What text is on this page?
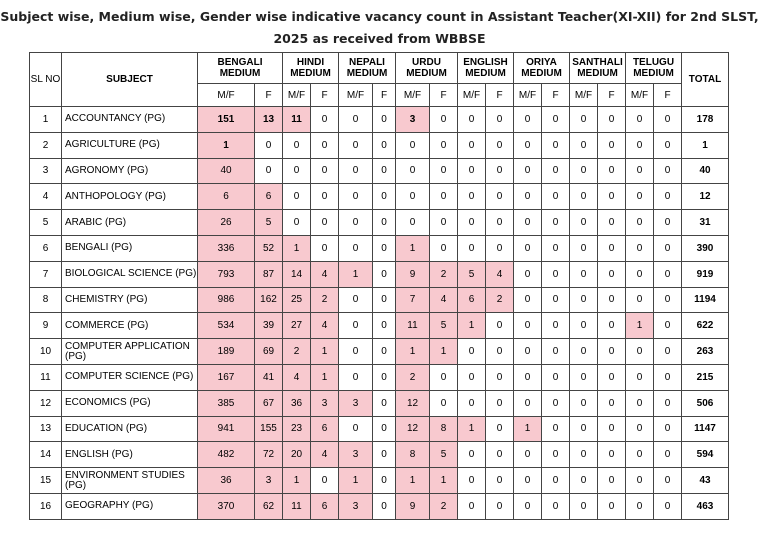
Subject wise, Medium wise, Gender wise indicative vacancy count in Assistant Teacher(XI-XII) for 2nd SLST,
2025 as received from WBBSE
SL NO	SUBJECT	BENGALI MEDIUM		HINDI MEDIUM		NEPALI MEDIUM		URDU MEDIUM		ENGLISH MEDIUM		ORIYA MEDIUM		SANTHALI MEDIUM		TELUGU MEDIUM		TOTAL
		M/F	F	M/F	F	M/F	F	M/F	F	M/F	F	M/F	F	M/F	F	M/F	F	
1	ACCOUNTANCY (PG)	151	13	11	0	0	0	3	0	0	0	0	0	0	0	0	0	178
2	AGRICULTURE (PG)	1	0	0	0	0	0	0	0	0	0	0	0	0	0	0	0	1
3	AGRONOMY (PG)	40	0	0	0	0	0	0	0	0	0	0	0	0	0	0	0	40
4	ANTHOPOLOGY (PG)	6	6	0	0	0	0	0	0	0	0	0	0	0	0	0	0	12
5	ARABIC (PG)	26	5	0	0	0	0	0	0	0	0	0	0	0	0	0	0	31
6	BENGALI (PG)	336	52	1	0	0	0	1	0	0	0	0	0	0	0	0	0	390
7	BIOLOGICAL SCIENCE (PG)	793	87	14	4	1	0	9	2	5	4	0	0	0	0	0	0	919
8	CHEMISTRY (PG)	986	162	25	2	0	0	7	4	6	2	0	0	0	0	0	0	1194
9	COMMERCE (PG)	534	39	27	4	0	0	11	5	1	0	0	0	0	0	1	0	622
10	COMPUTER APPLICATION (PG)	189	69	2	1	0	0	1	1	0	0	0	0	0	0	0	0	263
11	COMPUTER SCIENCE (PG)	167	41	4	1	0	0	2	0	0	0	0	0	0	0	0	0	215
12	ECONOMICS (PG)	385	67	36	3	3	0	12	0	0	0	0	0	0	0	0	0	506
13	EDUCATION (PG)	941	155	23	6	0	0	12	8	1	0	1	0	0	0	0	0	1147
14	ENGLISH (PG)	482	72	20	4	3	0	8	5	0	0	0	0	0	0	0	0	594
15	ENVIRONMENT STUDIES (PG)	36	3	1	0	1	0	1	1	0	0	0	0	0	0	0	0	43
16	GEOGRAPHY (PG)	370	62	11	6	3	0	9	2	0	0	0	0	0	0	0	0	463
